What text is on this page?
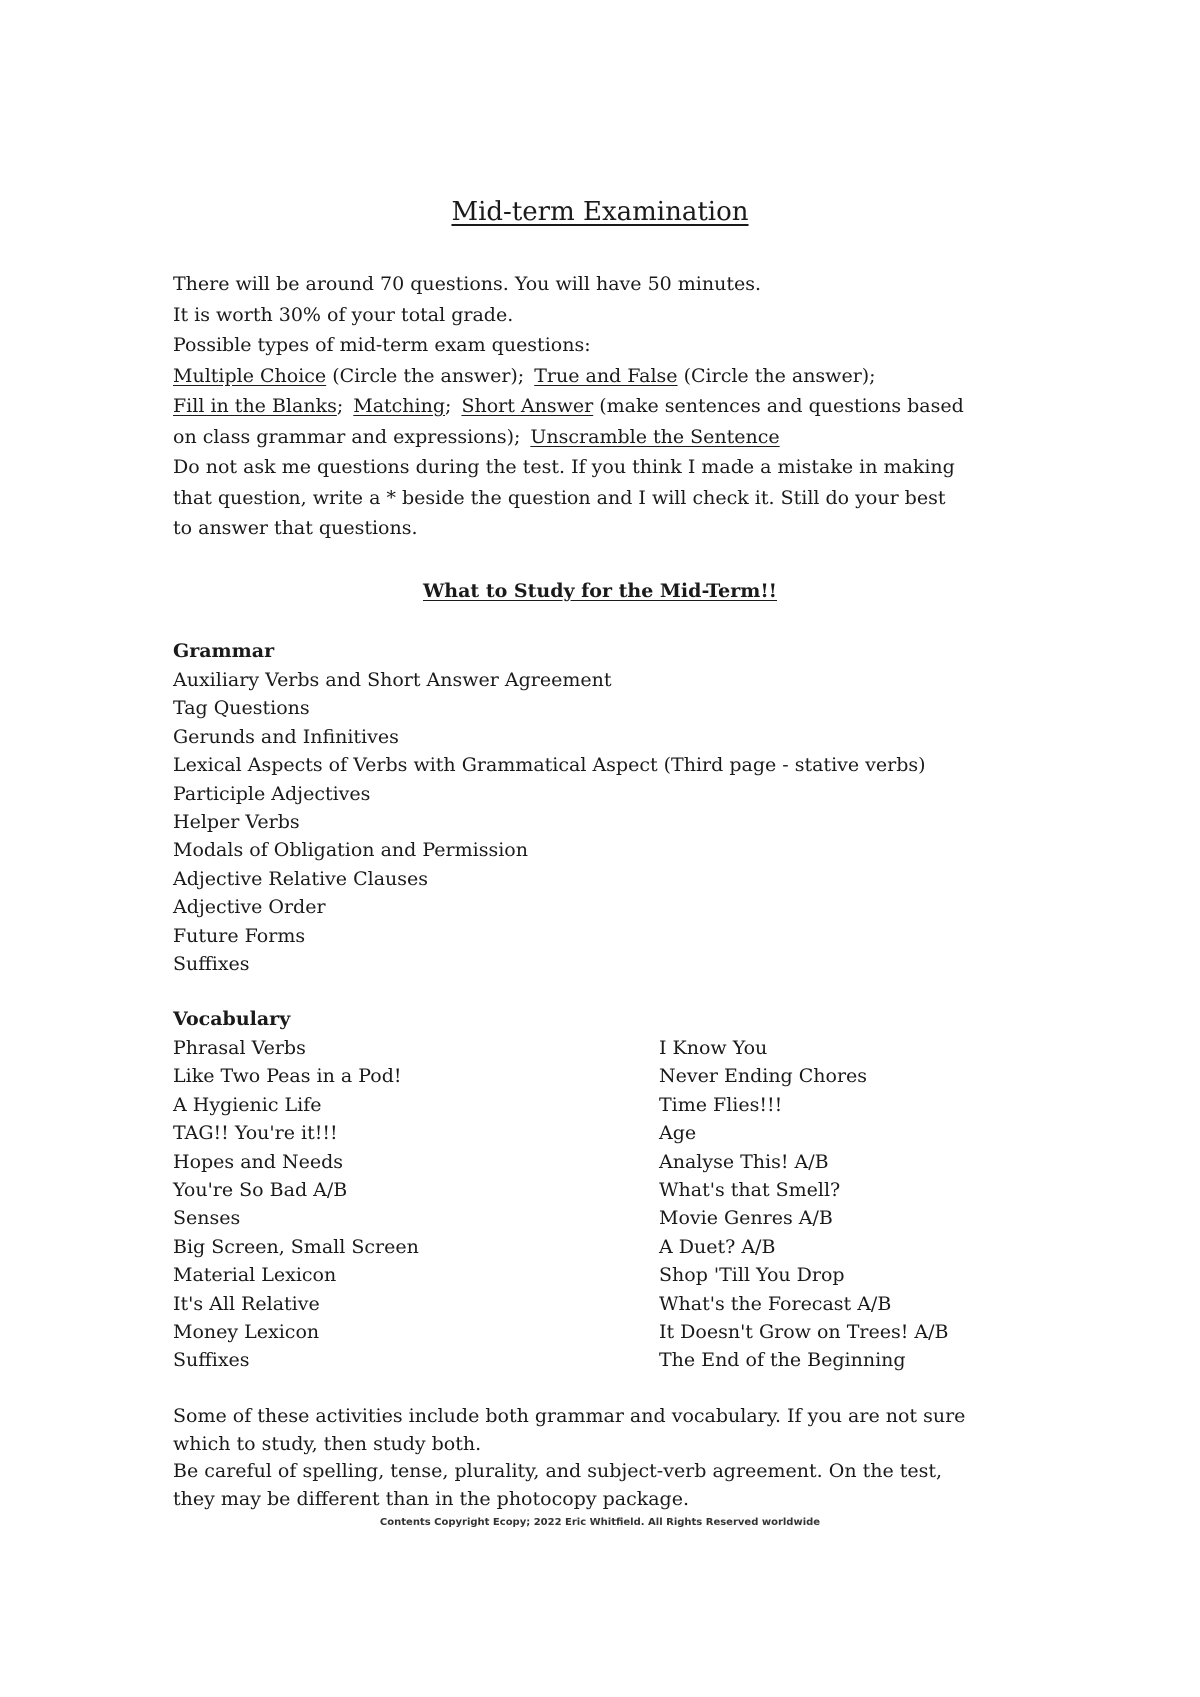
Mid-term Examination

There will be around 70 questions. You will have 50 minutes.

It is worth 30% of your total grade.

Possible types of mid-term exam questions:

Multiple Choice (Circle the answer); True and False (Circle the answer);

Fill in the Blanks; Matching; Short Answer (make sentences and questions based

on class grammar and expressions); Unscramble the Sentence

Do not ask me questions during the test. If you think I made a mistake in making

that question, write a * beside the question and I will check it. Still do your best

to answer that questions.

What to Study for the Mid-Term!!
Grammar
Auxiliary Verbs and Short Answer Agreement
Tag Questions
Gerunds and Infinitives
Lexical Aspects of Verbs with Grammatical Aspect (Third page - stative verbs)
Participle Adjectives
Helper Verbs
Modals of Obligation and Permission
Adjective Relative Clauses
Adjective Order
Future Forms
Suffixes
Vocabulary
Phrasal Verbs
Like Two Peas in a Pod!
A Hygienic Life
TAG!! You're it!!!
Hopes and Needs
You're So Bad A/B
Senses
Big Screen, Small Screen
Material Lexicon
It's All Relative
Money Lexicon
Suffixes
I Know You
Never Ending Chores
Time Flies!!!
Age
Analyse This! A/B
What's that Smell?
Movie Genres A/B
A Duet? A/B
Shop 'Till You Drop
What's the Forecast A/B
It Doesn't Grow on Trees! A/B
The End of the Beginning

Some of these activities include both grammar and vocabulary. If you are not sure

which to study, then study both.

Be careful of spelling, tense, plurality, and subject-verb agreement. On the test,

they may be different than in the photocopy package.

Contents Copyright Ecopy; 2022 Eric Whitfield. All Rights Reserved worldwide
